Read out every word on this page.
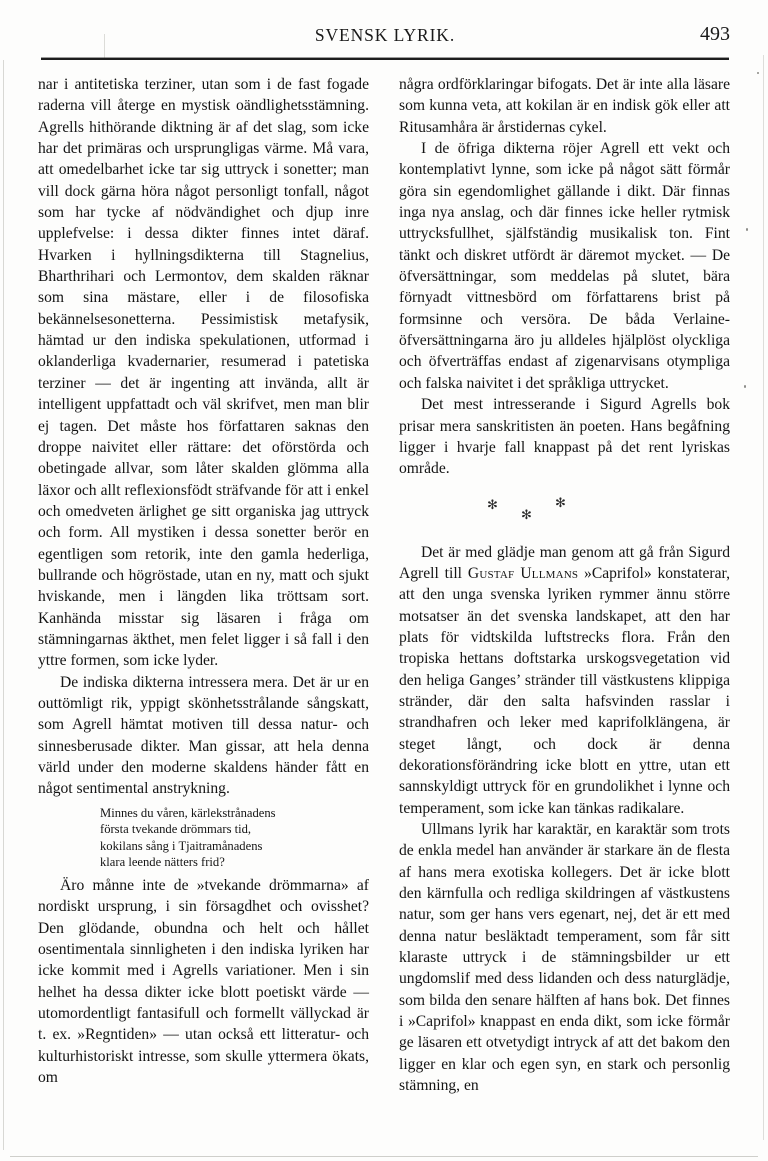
SVENSK LYRIK.	493

nar i antitetiska terziner, utan som i de fast fogade raderna vill återge en mystisk oändlighetsstämning. Agrells hithörande diktning är af det slag, som icke har det primäras och ursprungligas värme. Må vara, att omedelbarhet icke tar sig uttryck i sonetter; man vill dock gärna höra något personligt tonfall, något som har tycke af nödvändighet och djup inre upplefvelse: i dessa dikter finnes intet däraf. Hvarken i hyllningsdikterna till Stagnelius, Bharthrihari och Lermontov, dem skalden räknar som sina mästare, eller i de filosofiska bekännelsesonetterna. Pessimistisk metafysik, hämtad ur den indiska spekulationen, utformad i oklanderliga kvadernarier, resumerad i patetiska terziner — det är ingenting att invända, allt är intelligent uppfattadt och väl skrifvet, men man blir ej tagen. Det måste hos författaren saknas den droppe naivitet eller rättare: det oförstörda och obetingade allvar, som låter skalden glömma alla läxor och allt reflexionsfödt sträfvande för att i enkel och omedveten ärlighet ge sitt organiska jag uttryck och form. All mystiken i dessa sonetter berör en egentligen som retorik, inte den gamla hederliga, bullrande och högröstade, utan en ny, matt och sjukt hviskande, men i längden lika tröttsam sort. Kanhända misstar sig läsaren i fråga om stämningarnas äkthet, men felet ligger i så fall i den yttre formen, som icke lyder.

De indiska dikterna intressera mera. Det är ur en outtömligt rik, yppigt skönhetsstrålande sångskatt, som Agrell hämtat motiven till dessa natur- och sinnesberusade dikter. Man gissar, att hela denna värld under den moderne skaldens händer fått en något sentimental anstrykning.

Minnes du våren, kärlekstrånadens
första tvekande drömmars tid,
kokilans sång i Tjaitramånadens
klara leende nätters frid?

Äro månne inte de »tvekande drömmarna» af nordiskt ursprung, i sin försagdhet och ovisshet? Den glödande, obundna och helt och hållet osentimentala sinnligheten i den indiska lyriken har icke kommit med i Agrells variationer. Men i sin helhet ha dessa dikter icke blott poetiskt värde — utomordentligt fantasifull och formellt vällyckad är t. ex. »Regntiden» — utan också ett litteratur- och kulturhistoriskt intresse, som skulle yttermera ökats, om

några ordförklaringar bifogats. Det är inte alla läsare som kunna veta, att kokilan är en indisk gök eller att Ritusamhåra är årstidernas cykel.

I de öfriga dikterna röjer Agrell ett vekt och kontemplativt lynne, som icke på något sätt förmår göra sin egendomlighet gällande i dikt. Där finnas inga nya anslag, och där finnes icke heller rytmisk uttrycksfullhet, själfständig musikalisk ton. Fint tänkt och diskret utfördt är däremot mycket. — De öfversättningar, som meddelas på slutet, bära förnyadt vittnesbörd om författarens brist på formsinne och versöra. De båda Verlaine-öfversättningarna äro ju alldeles hjälplöst olyckliga och öfverträffas endast af zigenarvisans otympliga och falska naivitet i det språkliga uttrycket.

Det mest intresserande i Sigurd Agrells bok prisar mera sanskritisten än poeten. Hans begåfning ligger i hvarje fall knappast på det rent lyriskas område.

✻
✻
✻

Det är med glädje man genom att gå från Sigurd Agrell till Gustaf Ullmans »Caprifol» konstaterar, att den unga svenska lyriken rymmer ännu större motsatser än det svenska landskapet, att den har plats för vidtskilda luftstrecks flora. Från den tropiska hettans doftstarka urskogsvegetation vid den heliga Ganges’ stränder till västkustens klippiga stränder, där den salta hafsvinden rasslar i strandhafren och leker med kaprifolklängena, är steget långt, och dock är denna dekorationsförändring icke blott en yttre, utan ett sannskyldigt uttryck för en grundolikhet i lynne och temperament, som icke kan tänkas radikalare.

Ullmans lyrik har karaktär, en karaktär som trots de enkla medel han använder är starkare än de flesta af hans mera exotiska kollegers. Det är icke blott den kärnfulla och redliga skildringen af västkustens natur, som ger hans vers egenart, nej, det är ett med denna natur besläktadt temperament, som får sitt klaraste uttryck i de stämningsbilder ur ett ungdomslif med dess lidanden och dess naturglädje, som bilda den senare hälften af hans bok. Det finnes i »Caprifol» knappast en enda dikt, som icke förmår ge läsaren ett otvetydigt intryck af att det bakom den ligger en klar och egen syn, en stark och personlig stämning, en
